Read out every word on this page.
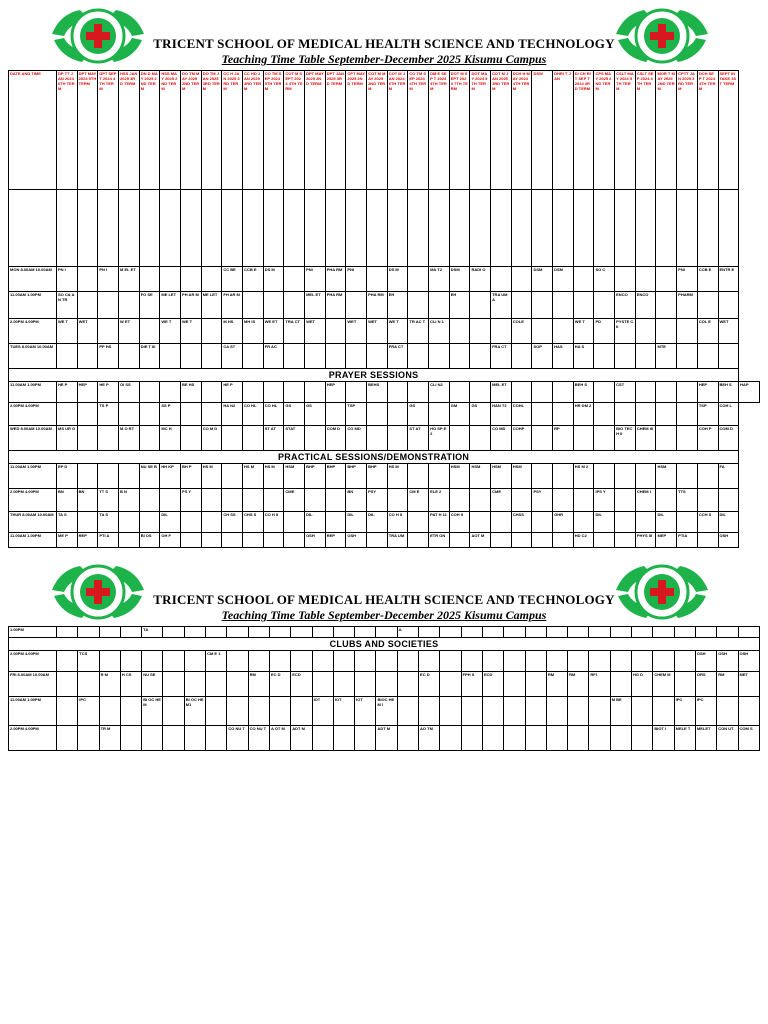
TRICENT SCHOOL OF MEDICAL HEALTH SCIENCE AND TECHNOLOGY
Teaching Time Table September-December 2025 Kisumu Campus
DATE AND TIME	DP TT JAN 2024 6TH TERM	DPT MAY 2024 5TH TERM	DPT SEPT 2024 4TH TERM	HSS JAN 2025 3RD TERM	DN D MAY 2025 2ND TERM	HSS MAY 2025 2ND TERM	DO TM MAY 2025 2ND TERM	DO TM JAN 2025 3RD TERM	CC H JAN 2025 3RD TERM	CC HD JAN 2025 3RD TERM	CO TM SEP 2024 5TH TERM	COT M SEPT 2024 4TH TERM	DPT MAY 2025 2ND TERM	DPT JAN 2025 3RD TERM	CPT MAY 2025 2ND TERM	COT M MAY 2025 2ND TERM	COT M JAN 2024 6TH TERM	CO TM SEP 2024 4TH TERM	DM E SEP T 2024 4TH TERM	DOT M SEPT 2023 7TH TERM	DOT MAY 2024 5TH TERM	COT M JAN 2025 3RD TERM	DCH H MAY 2024 4TH TERM	DSW	DHRI T JAN	D/ CH RIT SEP T 2024 3RD TERM	CPS MAY 2025 2ND TERM	CSLT MAY 2024 5TH TERM	CSLT SEP 2024 4TH TERM	MOR T MAY 2025 2ND TERM	CPTT JAN 2025 3RD TERM	DCH SEP T 2024 4TH TERM	SEPT INTAKE 1ST TERM	

MON 8.00AM 10.00AM	PN I		PN I	M EL ET					CC BE	CCB E	DS M		PNI	PHA RM	PNI		DS M		MA T2	DSM	RADI O			DSM	DSM		SO C				PNI	CCB E	ENTR E	
11.00AM 1.00PM	SO C& AN TR				FO SE	ME LET	PH AR M	ME LET	FH AR M				MEL ET	PHA RM		PHA RM	EH			EH		TRA UM A						ENCO	ENCO		PHARM			
2.00PM 4.00PM	WE T	WET		W ET		WE T	WE T		M HS	MH IS	WE ET	TRA CT	WET		WET	WET	WE T	TR AC T	CLI N 1				COLE			WE T	PD	PYSTE C II				COL E	WET	
TUES 8.00AM 10.00AM			PP HS		DIE T III				CA ST		FR AC						FRA CT					FRA CT		SOP	HAS	HA S				MTE				
PRAYER SESSIONS																																		
11.00AM 1.00PM	HE P	HEP	HE P	OI SS			BE HS		HE P					HEP		BEHS			CLI N2			MEL ET				BEH S		CST				HEP	BEH S	HAP
2.00PM 4.00PM			TS P			SS P			HA N2	CO HL	CO HL	GS	GS		TSP			GS		GM	GS	HAN T2	COHL			HR DM 2						TSP	COH L	
WED 8.00AM 10.00AM	MS UR G			M O RT		MC H		CO M D			ST AT	STAT		COM D	CO MD			ST AT	HO SP E2			CO MD	COHP		RP			BIO TECH II	CHEM III			COH P	COM D	
PRACTICAL SESSIONS/DEMONSTRATION																																		
11.00AM 1.00PM	EP D				NU SE B	HH KP	BH P	HS M		HS M	HS M	HSM	BHP	BHP	BHP	BHP	HS M			HSM	HSM	HSM	HSM			HS M 2				HSM			FA	
2.00PM 4.00PM	BN	BN	TT S	B N			PS Y					CME			BN	PSY		CM E	ELE 2			CME		PSY			IPS Y		CHEM I		TTS			
THUR 8.00AM 10.00AM	TA S		TA S			DIL			CH SS	CHS S	CO H II		DIL		DIL	DIL	CO H II		PAT H 11	COH II			CHSS		GHR		DIL			DIL		CCH S	DIL	
11.00AM 1.00PM	ME P	REP	PTI A		BI OS	OH F							OSH	REP	OSH		TRA UM		ETR ON		AOT M					HD C2			PHYS III	MEP	PTIA		OSH	
TRICENT SCHOOL OF MEDICAL HEALTH SCIENCE AND TECHNOLOGY
Teaching Time Table September-December 2025 Kisumu Campus
1.00PM					TA												A																
CLUBS AND SOCIETIES																																	
2.00PM 4.00PM		TCS						CM E 1																							OSH	OSH	OSH
FRI 8.00AM 10.00AM			R M	H CS	NU SE					RM	EC D	ECD						EC D		FPH S	ECD			RM	RM	RFI		HG D	CHEM III		ORS	RM	MET
11.00AM 1.00PM		IPC			BI OC HE M		BI OC HE M1						IOT	IOT	IOT	BIOC HEM I											M BE			IPC	IPC		
2.00PM 4.00PM			TR M						CO NU T	CO NU T	A OT M	ADT M				ADT M		AO TM											BIOT I	MELE T	MELET	CON UT	COM S
